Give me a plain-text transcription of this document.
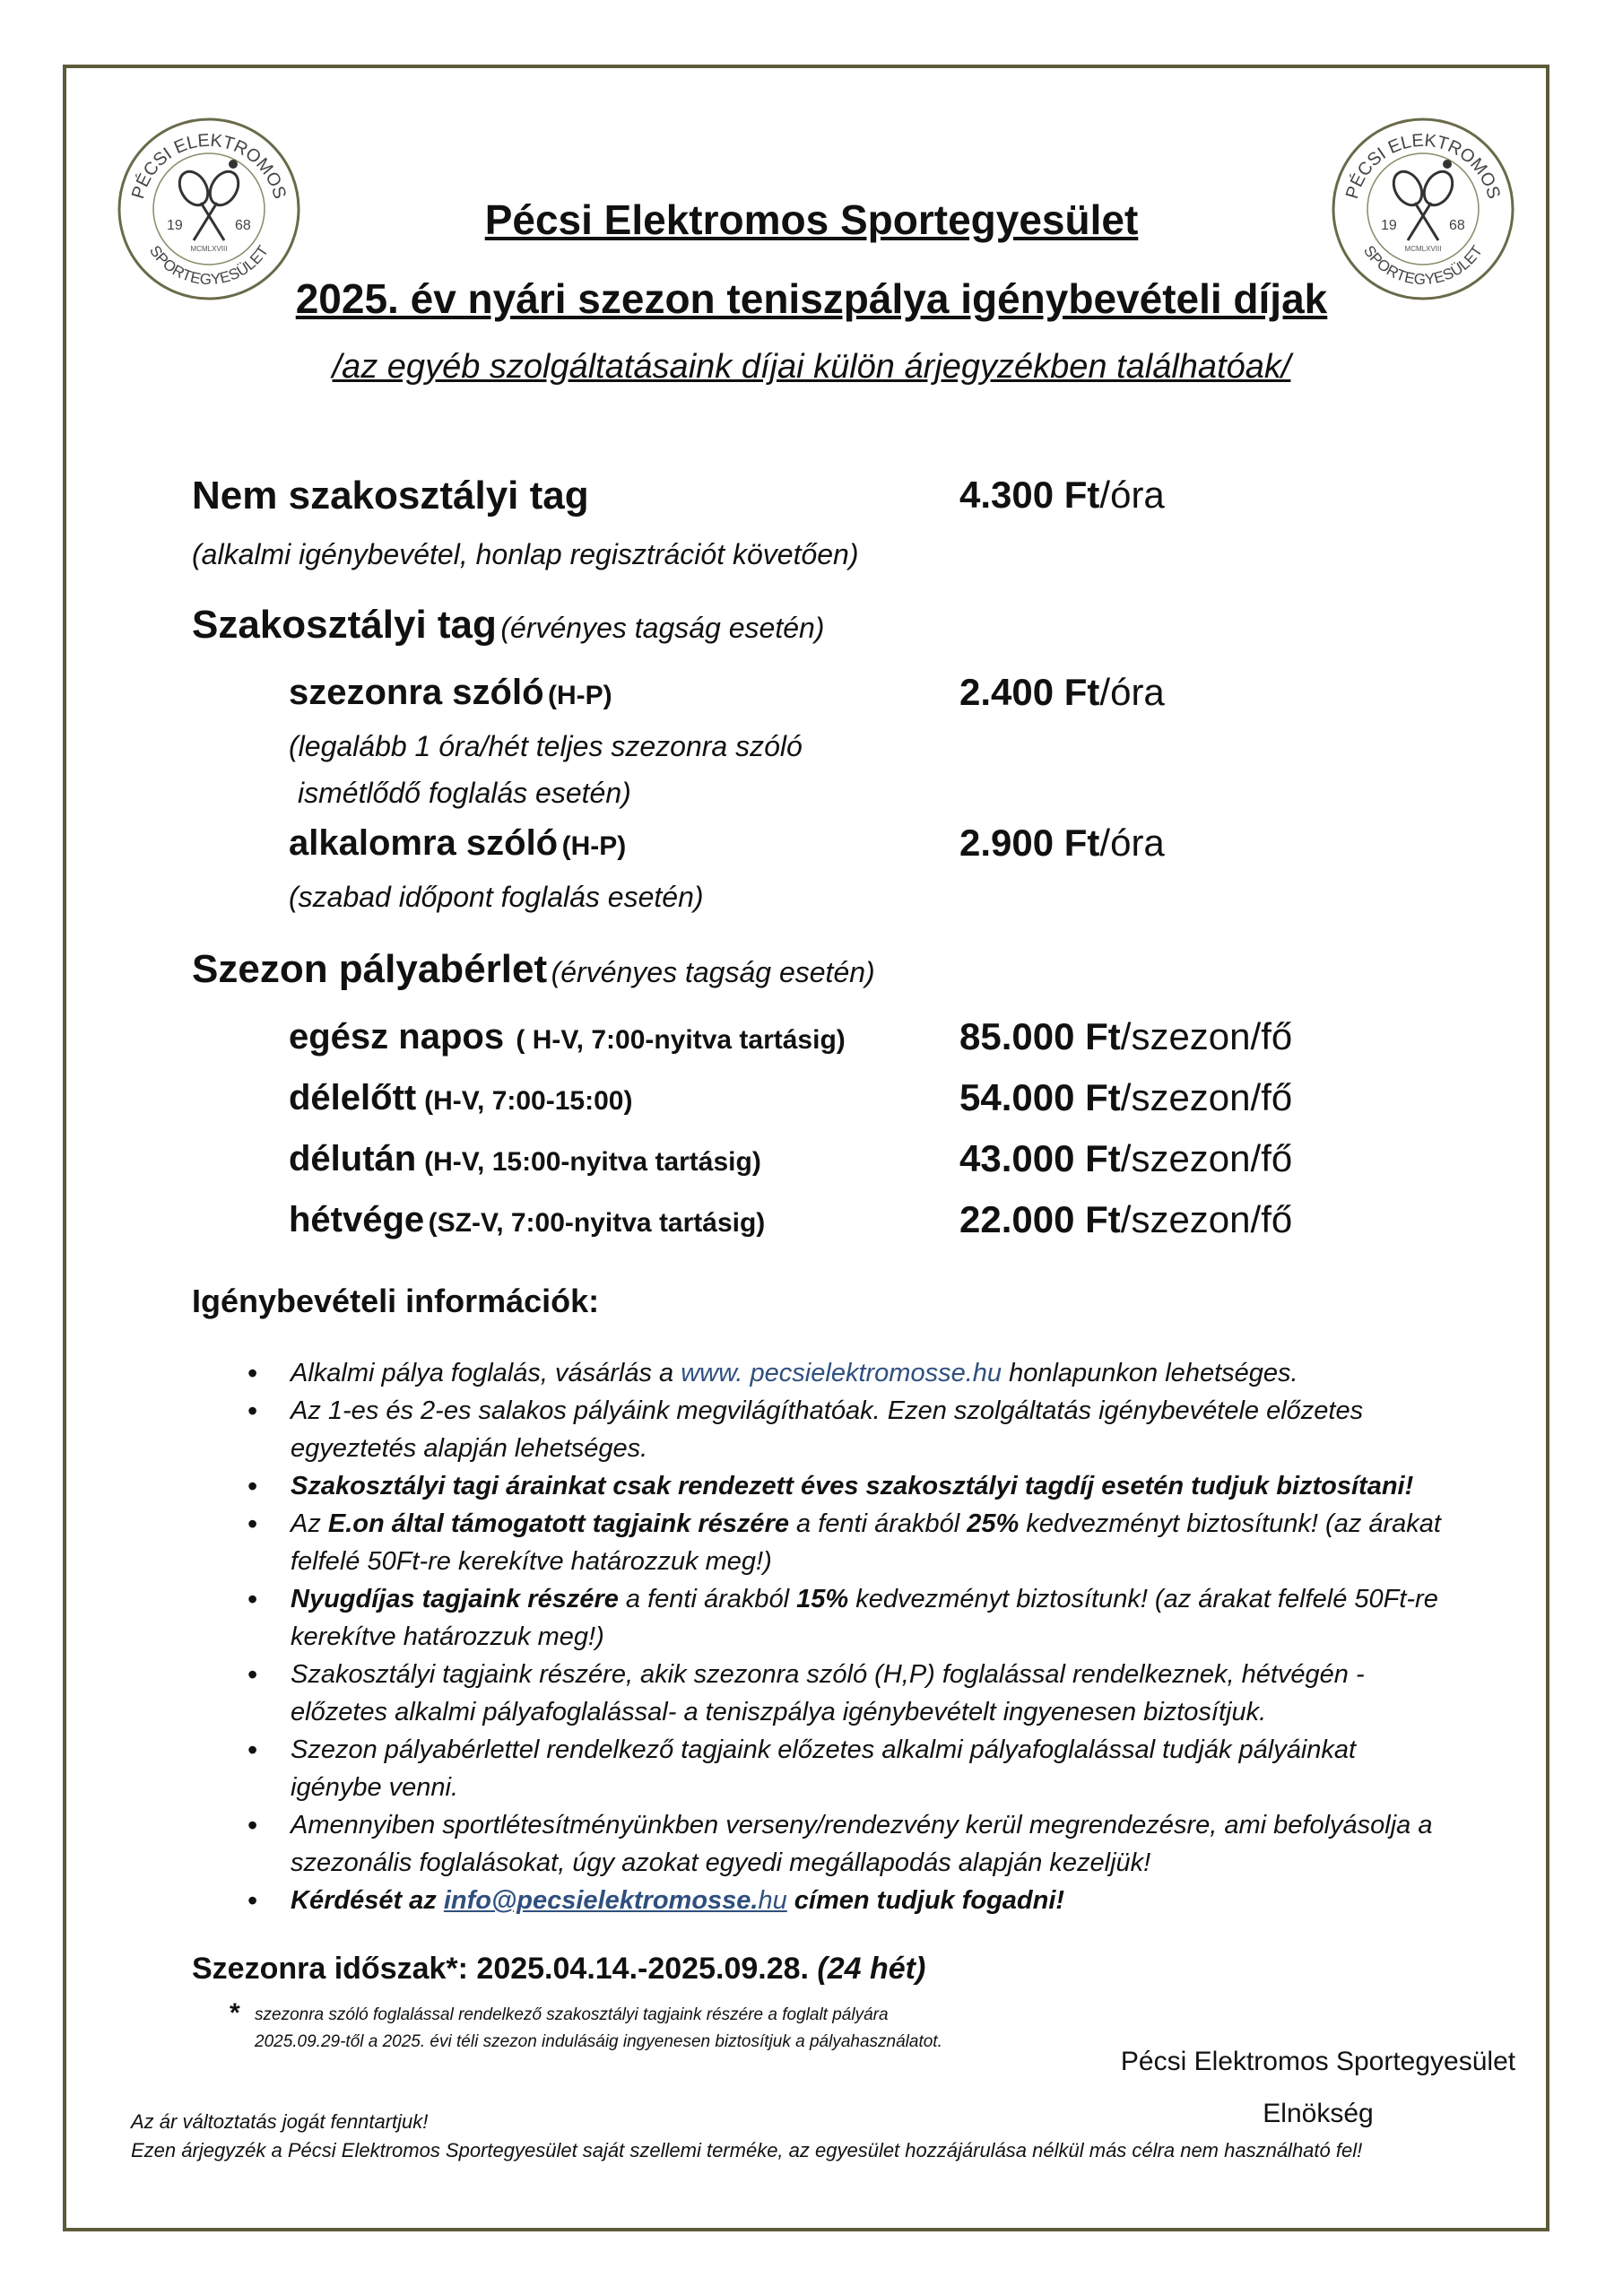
PÉCSI ELEKTROMOS
SPORTEGYESÜLET
19	68
MCMLXVIII
PÉCSI ELEKTROMOS
SPORTEGYESÜLET
19	68
MCMLXVIII
Pécsi Elektromos Sportegyesület
2025. év nyári szezon teniszpálya igénybevételi díjak
/az egyéb szolgáltatásaink díjai külön árjegyzékben találhatóak/
Nem szakosztályi tag	4.300 Ft/óra
(alkalmi igénybevétel, honlap regisztrációt követően)
Szakosztályi tag (érvényes tagság esetén)
szezonra szóló (H-P)	2.400 Ft/óra
(legalább 1 óra/hét teljes szezonra szóló
ismétlődő foglalás esetén)
alkalomra szóló (H-P)	2.900 Ft/óra
(szabad időpont foglalás esetén)
Szezon pályabérlet (érvényes tagság esetén)
egész napos ( H-V, 7:00-nyitva tartásig)	85.000 Ft/szezon/fő
délelőtt (H-V, 7:00-15:00)	54.000 Ft/szezon/fő
délután (H-V, 15:00-nyitva tartásig)	43.000 Ft/szezon/fő
hétvége (SZ-V, 7:00-nyitva tartásig)	22.000 Ft/szezon/fő
Igénybevételi információk:
• Alkalmi pálya foglalás, vásárlás a www. pecsielektromosse.hu honlapunkon lehetséges.
• Az 1-es és 2-es salakos pályáink megvilágíthatóak. Ezen szolgáltatás igénybevétele előzetes egyeztetés alapján lehetséges.
• Szakosztályi tagi árainkat csak rendezett éves szakosztályi tagdíj esetén tudjuk biztosítani!
• Az E.on által támogatott tagjaink részére a fenti árakból 25% kedvezményt biztosítunk! (az árakat felfelé 50Ft-re kerekítve határozzuk meg!)
• Nyugdíjas tagjaink részére a fenti árakból 15% kedvezményt biztosítunk! (az árakat felfelé 50Ft-re kerekítve határozzuk meg!)
• Szakosztályi tagjaink részére, akik szezonra szóló (H,P) foglalással rendelkeznek, hétvégén - előzetes alkalmi pályafoglalással- a teniszpálya igénybevételt ingyenesen biztosítjuk.
• Szezon pályabérlettel rendelkező tagjaink előzetes alkalmi pályafoglalással tudják pályáinkat igénybe venni.
• Amennyiben sportlétesítményünkben verseny/rendezvény kerül megrendezésre, ami befolyásolja a szezonális foglalásokat, úgy azokat egyedi megállapodás alapján kezeljük!
• Kérdését az info@pecsielektromosse.hu címen tudjuk fogadni!
Szezonra időszak*: 2025.04.14.-2025.09.28. (24 hét)
* szezonra szóló foglalással rendelkező szakosztályi tagjaink részére a foglalt pályára
2025.09.29-től a 2025. évi téli szezon indulásáig ingyenesen biztosítjuk a pályahasználatot.
Pécsi Elektromos Sportegyesület
Elnökség
Az ár változtatás jogát fenntartjuk!
Ezen árjegyzék a Pécsi Elektromos Sportegyesület saját szellemi terméke, az egyesület hozzájárulása nélkül más célra nem használható fel!
